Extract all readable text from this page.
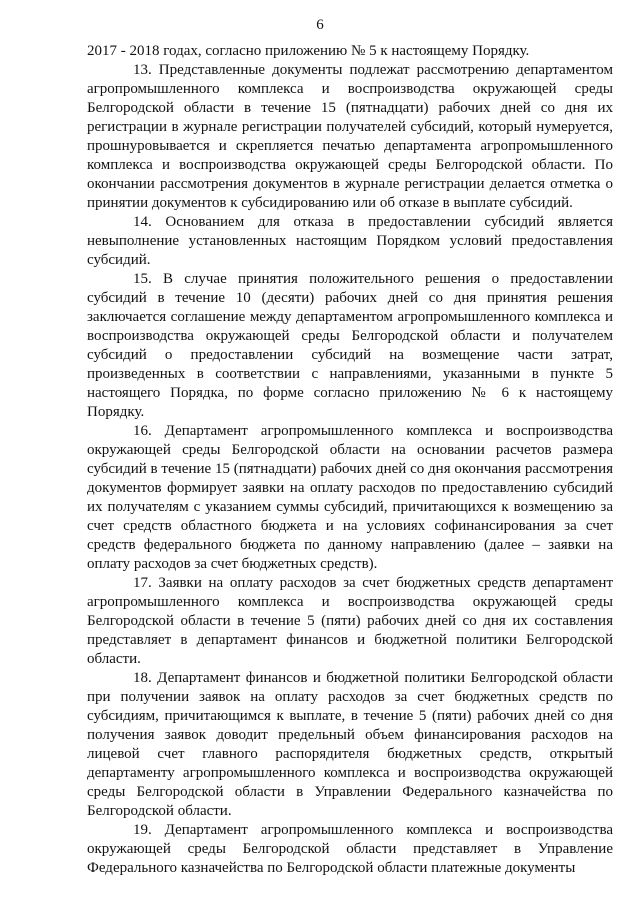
6

2017 - 2018 годах, согласно приложению № 5 к настоящему Порядку.

13. Представленные документы подлежат рассмотрению департаментом агропромышленного комплекса и воспроизводства окружающей среды Белгородской области в течение 15 (пятнадцати) рабочих дней со дня их регистрации в журнале регистрации получателей субсидий, который нумеруется, прошнуровывается и скрепляется печатью департамента агропромышленного комплекса и воспроизводства окружающей среды Белгородской области. По окончании рассмотрения документов в журнале регистрации делается отметка о принятии документов к субсидированию или об отказе в выплате субсидий.

14. Основанием для отказа в предоставлении субсидий является невыполнение установленных настоящим Порядком условий предоставления субсидий.

15. В случае принятия положительного решения о предоставлении субсидий в течение 10 (десяти) рабочих дней со дня принятия решения заключается соглашение между департаментом агропромышленного комплекса и воспроизводства окружающей среды Белгородской области и получателем субсидий о предоставлении субсидий на возмещение части затрат, произведенных в соответствии с направлениями, указанными в пункте 5 настоящего Порядка, по форме согласно приложению № 6 к настоящему Порядку.

16. Департамент агропромышленного комплекса и воспроизводства окружающей среды Белгородской области на основании расчетов размера субсидий в течение 15 (пятнадцати) рабочих дней со дня окончания рассмотрения документов формирует заявки на оплату расходов по предоставлению субсидий их получателям с указанием суммы субсидий, причитающихся к возмещению за счет средств областного бюджета и на условиях софинансирования за счет средств федерального бюджета по данному направлению (далее – заявки на оплату расходов за счет бюджетных средств).

17. Заявки на оплату расходов за счет бюджетных средств департамент агропромышленного комплекса и воспроизводства окружающей среды Белгородской области в течение 5 (пяти) рабочих дней со дня их составления представляет в департамент финансов и бюджетной политики Белгородской области.

18. Департамент финансов и бюджетной политики Белгородской области при получении заявок на оплату расходов за счет бюджетных средств по субсидиям, причитающимся к выплате, в течение 5 (пяти) рабочих дней со дня получения заявок доводит предельный объем финансирования расходов на лицевой счет главного распорядителя бюджетных средств, открытый департаменту агропромышленного комплекса и воспроизводства окружающей среды Белгородской области в Управлении Федерального казначейства по Белгородской области.

19. Департамент агропромышленного комплекса и воспроизводства окружающей среды Белгородской области представляет в Управление Федерального казначейства по Белгородской области платежные документы
